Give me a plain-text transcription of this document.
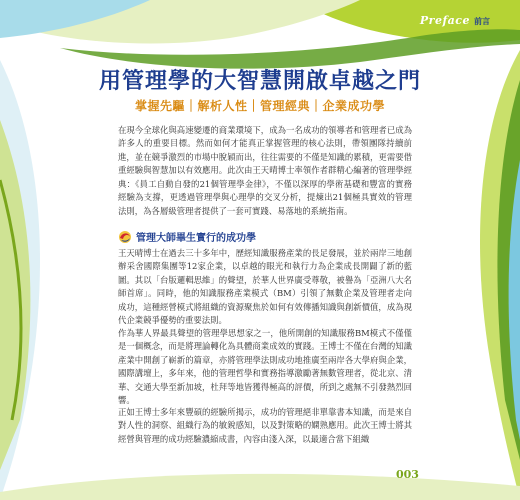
Preface 前言
用管理學的大智慧開啟卓越之門
掌握先驅｜解析人性｜管理經典｜企業成功學

在現今全球化與高速變遷的商業環境下，成為一名成功的領導者和管理者已成為許多人的重要目標。然而如何才能真正掌握管理的核心法則，帶領團隊持續前進，並在競爭激烈的市場中脫穎而出，往往需要的不僅是知識的累積，更需要借重經驗與智慧加以有效應用。此次由王天晴博士率領作者群精心編著的管理學經典：《員工自動自發的21個管理學金律》，不僅以深厚的學術基礎和豐富的實務經驗為支撐，更透過管理學與心理學的交叉分析，提煉出21個極具實效的管理法則，為各層級管理者提供了一套可實踐、易落地的系統指南。

管理大師畢生實行的成功學

王天晴博士在過去三十多年中，歷經知識服務產業的長足發展，並於兩岸三地創辦采舍國際集團等12家企業，以卓越的眼光和執行力為企業成長開闢了新的藍圖。其以「台版邏輯思維」的聲望，於華人世界廣受尊敬，被譽為「亞洲八大名師首席」。同時，他的知識服務產業模式（BM）引領了無數企業及管理者走向成功，這種經營模式將組織的資源聚焦於如何有效傳播知識與創新價值，成為現代企業競爭優勢的重要法則。

作為華人界最具聲望的管理學思想家之一，他所開創的知識服務BM模式不僅僅是一個概念，而是將理論轉化為具體商業成效的實踐。王博士不僅在台灣的知識產業中開創了嶄新的篇章，亦將管理學法則成功地推廣至兩岸各大學府與企業，國際講壇上，多年來，他的管理哲學和實務指導激勵著無數管理者，從北京、清華、交通大學至新加坡，杜拜等地皆獲得極高的評價，所到之處無不引發熱烈回響。

正如王博士多年來豐碩的經驗所揭示，成功的管理絕非單靠書本知識，而是來自對人性的洞察、組織行為的敏銳感知，以及對策略的嫻熟應用。此次王博士將其經營與管理的成功經驗濃縮成書，內容由淺入深，以最適合當下組織

003
